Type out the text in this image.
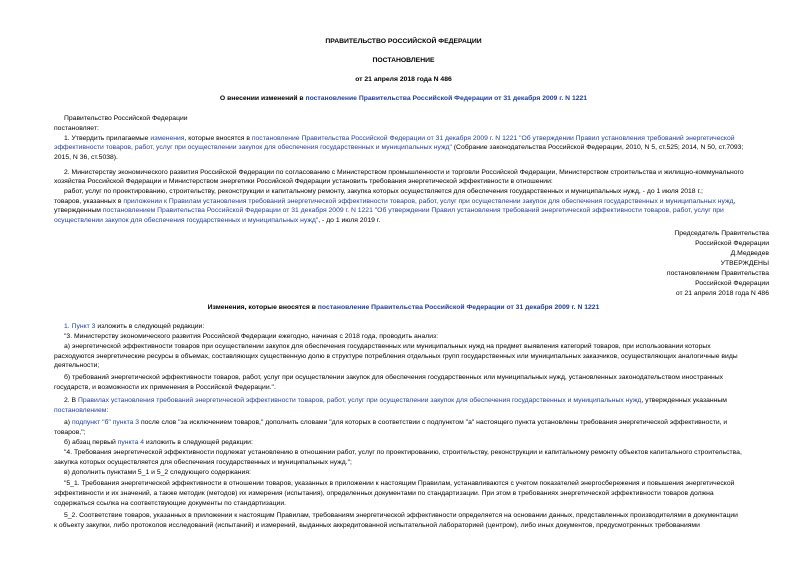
ПРАВИТЕЛЬСТВО РОССИЙСКОЙ ФЕДЕРАЦИИ
ПОСТАНОВЛЕНИЕ
от 21 апреля 2018 года N 486
О внесении изменений в постановление Правительства Российской Федерации от 31 декабря 2009 г. N 1221
Правительство Российской Федерации
постановляет:
1. Утвердить прилагаемые изменения, которые вносятся в постановление Правительства Российской Федерации от 31 декабря 2009 г. N 1221 "Об утверждении Правил установления требований энергетической
эффективности товаров, работ, услуг при осуществлении закупок для обеспечения государственных и муниципальных нужд" (Собрание законодательства Российской Федерации, 2010, N 5, ст.525; 2014, N 50, ст.7093;
2015, N 36, ст.5038).
2. Министерству экономического развития Российской Федерации по согласованию с Министерством промышленности и торговли Российской Федерации, Министерством строительства и жилищно-коммунального
хозяйства Российской Федерации и Министерством энергетики Российской Федерации установить требования энергетической эффективности в отношении:
работ, услуг по проектированию, строительству, реконструкции и капитальному ремонту, закупка которых осуществляется для обеспечения государственных и муниципальных нужд, - до 1 июля 2018 г.;
товаров, указанных в приложении к Правилам установления требований энергетической эффективности товаров, работ, услуг при осуществлении закупок для обеспечения государственных и муниципальных нужд,
утвержденным постановлением Правительства Российской Федерации от 31 декабря 2009 г. N 1221 "Об утверждении Правил установления требований энергетической эффективности товаров, работ, услуг при
осуществлении закупок для обеспечения государственных и муниципальных нужд", - до 1 июля 2019 г.
Председатель Правительства
Российской Федерации
Д.Медведев
УТВЕРЖДЕНЫ
постановлением Правительства
Российской Федерации
от 21 апреля 2018 года N 486
Изменения, которые вносятся в постановление Правительства Российской Федерации от 31 декабря 2009 г. N 1221
1. Пункт 3 изложить в следующей редакции:
"3. Министерству экономического развития Российской Федерации ежегодно, начиная с 2018 года, проводить анализ:
а) энергетической эффективности товаров при осуществлении закупок для обеспечения государственных или муниципальных нужд на предмет выявления категорий товаров, при использовании которых
расходуются энергетические ресурсы в объемах, составляющих существенную долю в структуре потребления отдельных групп государственных или муниципальных заказчиков, осуществляющих аналогичные виды
деятельности;
б) требований энергетической эффективности товаров, работ, услуг при осуществлении закупок для обеспечения государственных или муниципальных нужд, установленных законодательством иностранных
государств, и возможности их применения в Российской Федерации.".
2. В Правилах установления требований энергетической эффективности товаров, работ, услуг при осуществлении закупок для обеспечения государственных и муниципальных нужд, утвержденных указанным
постановлением:
а) подпункт "б" пункта 3 после слов "за исключением товаров," дополнить словами "для которых в соответствии с подпунктом "а" настоящего пункта установлены требования энергетической эффективности, и
товаров,";
б) абзац первый пункта 4 изложить в следующей редакции:
"4. Требования энергетической эффективности подлежат установлению в отношении работ, услуг по проектированию, строительству, реконструкции и капитальному ремонту объектов капитального строительства,
закупка которых осуществляется для обеспечения государственных и муниципальных нужд.";
в) дополнить пунктами 5_1 и 5_2 следующего содержания:
"5_1. Требования энергетической эффективности в отношении товаров, указанных в приложении к настоящим Правилам, устанавливаются с учетом показателей энергосбережения и повышения энергетической
эффективности и их значений, а также методик (методов) их измерения (испытания), определенных документами по стандартизации. При этом в требованиях энергетической эффективности товаров должна
содержаться ссылка на соответствующие документы по стандартизации.
5_2. Соответствие товаров, указанных в приложении к настоящим Правилам, требованиям энергетической эффективности определяется на основании данных, представленных производителями в документации
к объекту закупки, либо протоколов исследований (испытаний) и измерений, выданных аккредитованной испытательной лабораторией (центром), либо иных документов, предусмотренных требованиями
